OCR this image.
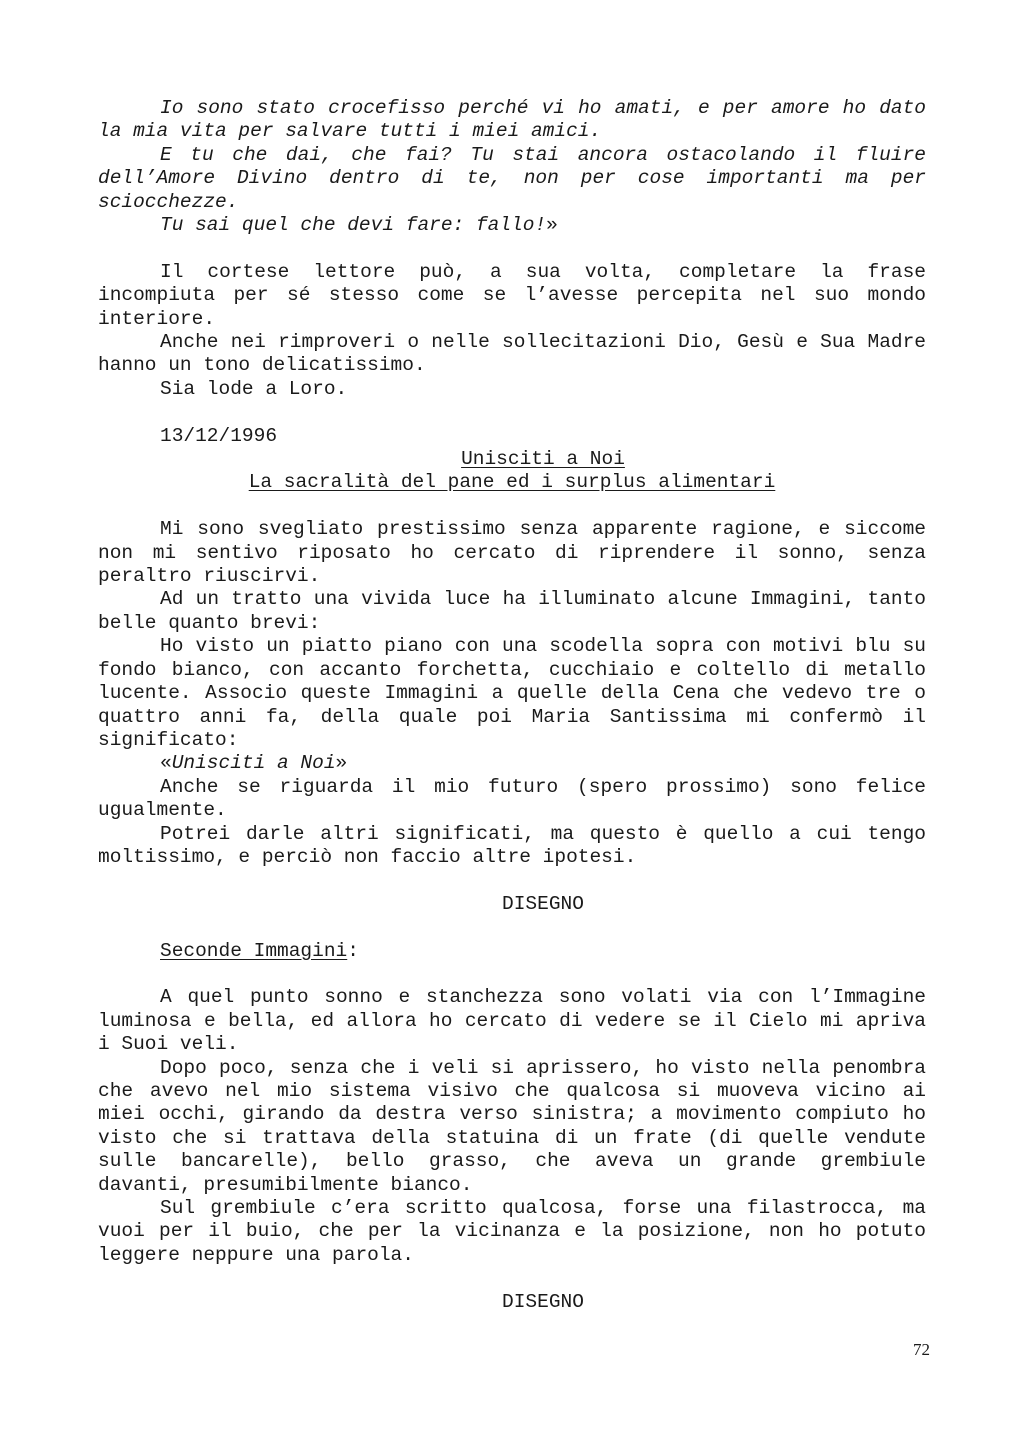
Io sono stato crocefisso perché vi ho amati, e per amore ho dato la mia vita per salvare tutti i miei amici.

E tu che dai, che fai? Tu stai ancora ostacolando il fluire dell’Amore Divino dentro di te, non per cose importanti ma per sciocchezze.

Tu sai quel che devi fare: fallo!»

Il cortese lettore può, a sua volta, completare la frase incompiuta per sé stesso come se l’avesse percepita nel suo mondo interiore.

Anche nei rimproveri o nelle sollecitazioni Dio, Gesù e Sua Madre hanno un tono delicatissimo.

Sia lode a Loro.

13/12/1996

Unisciti a Noi

La sacralità del pane ed i surplus alimentari

Mi sono svegliato prestissimo senza apparente ragione, e siccome non mi sentivo riposato ho cercato di riprendere il sonno, senza peraltro riuscirvi.

Ad un tratto una vivida luce ha illuminato alcune Immagini, tanto belle quanto brevi:

Ho visto un piatto piano con una scodella sopra con motivi blu su fondo bianco, con accanto forchetta, cucchiaio e coltello di metallo lucente. Associo queste Immagini a quelle della Cena che vedevo tre o quattro anni fa, della quale poi Maria Santissima mi confermò il significato:

«Unisciti a Noi»

Anche se riguarda il mio futuro (spero prossimo) sono felice ugualmente.

Potrei darle altri significati, ma questo è quello a cui tengo moltissimo, e perciò non faccio altre ipotesi.

DISEGNO

Seconde Immagini:

A quel punto sonno e stanchezza sono volati via con l’Immagine luminosa e bella, ed allora ho cercato di vedere se il Cielo mi apriva i Suoi veli.

Dopo poco, senza che i veli si aprissero, ho visto nella penombra che avevo nel mio sistema visivo che qualcosa si muoveva vicino ai miei occhi, girando da destra verso sinistra; a movimento compiuto ho visto che si trattava della statuina di un frate (di quelle vendute sulle bancarelle), bello grasso, che aveva un grande grembiule davanti, presumibilmente bianco.

Sul grembiule c’era scritto qualcosa, forse una filastrocca, ma vuoi per il buio, che per la vicinanza e la posizione, non ho potuto leggere neppure una parola.

DISEGNO

72
